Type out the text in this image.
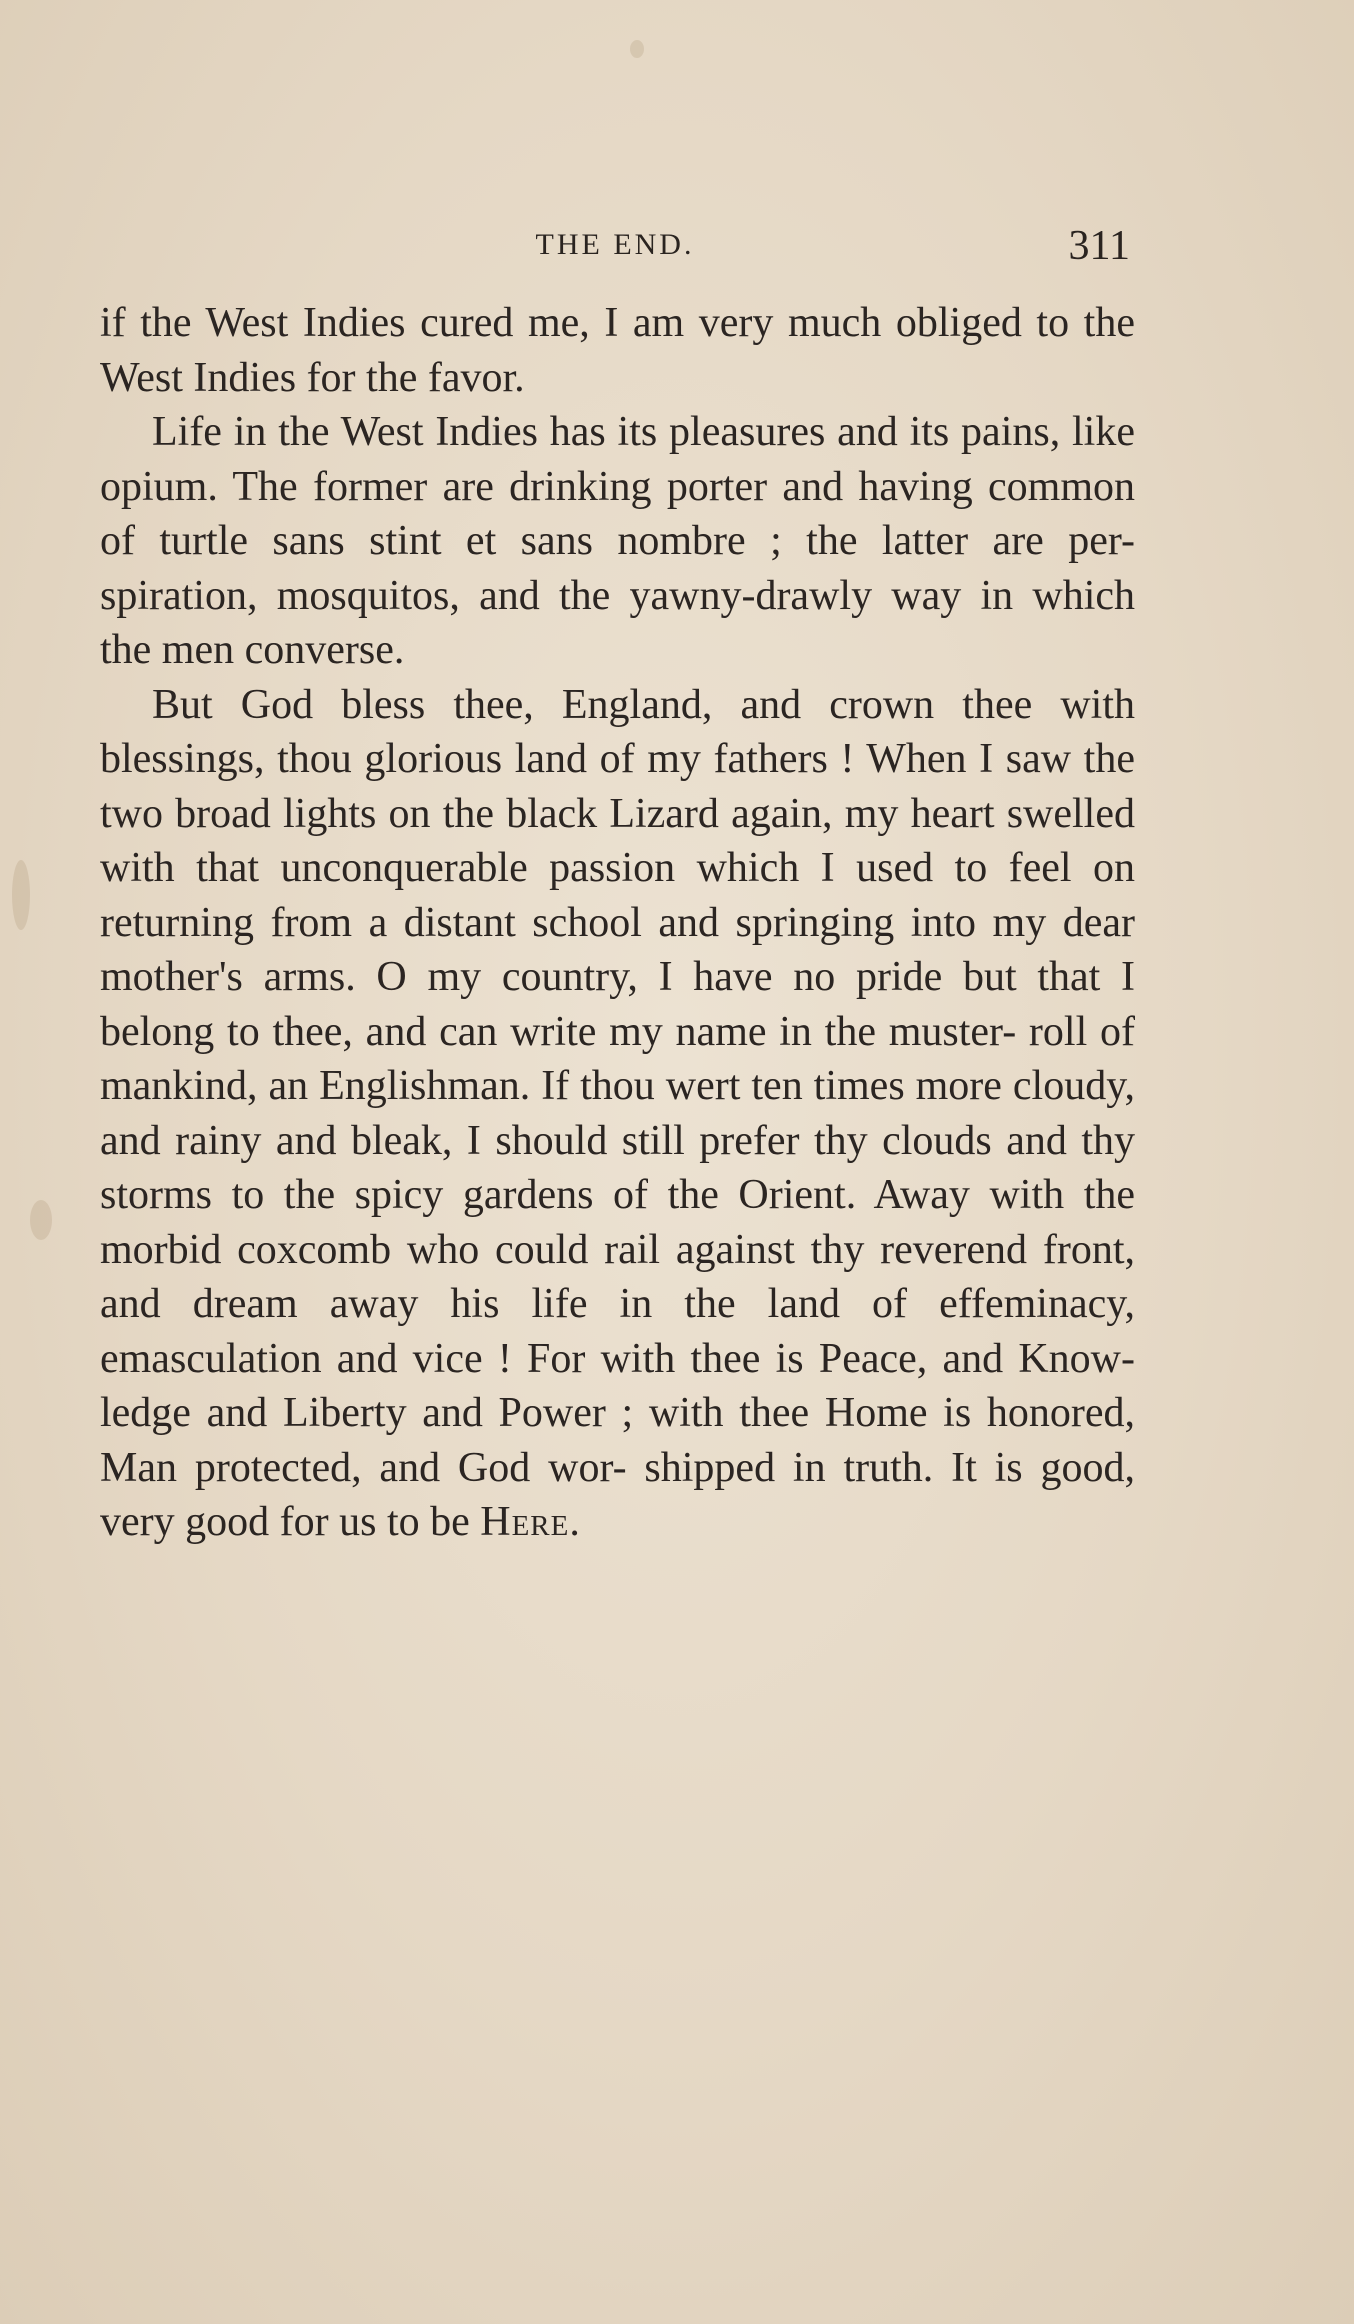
THE END.	311

if the West Indies cured me, I am very much obliged to the West Indies for the favor.

Life in the West Indies has its pleasures and its pains, like opium. The former are drinking porter and having common of turtle sans stint et sans nombre ; the latter are per- spiration, mosquitos, and the yawny-drawly way in which the men converse.

But God bless thee, England, and crown thee with blessings, thou glorious land of my fathers ! When I saw the two broad lights on the black Lizard again, my heart swelled with that unconquerable passion which I used to feel on returning from a distant school and springing into my dear mother's arms. O my country, I have no pride but that I belong to thee, and can write my name in the muster- roll of mankind, an Englishman. If thou wert ten times more cloudy, and rainy and bleak, I should still prefer thy clouds and thy storms to the spicy gardens of the Orient. Away with the morbid coxcomb who could rail against thy reverend front, and dream away his life in the land of effeminacy, emasculation and vice ! For with thee is Peace, and Know- ledge and Liberty and Power ; with thee Home is honored, Man protected, and God wor- shipped in truth. It is good, very good for us to be Here.
